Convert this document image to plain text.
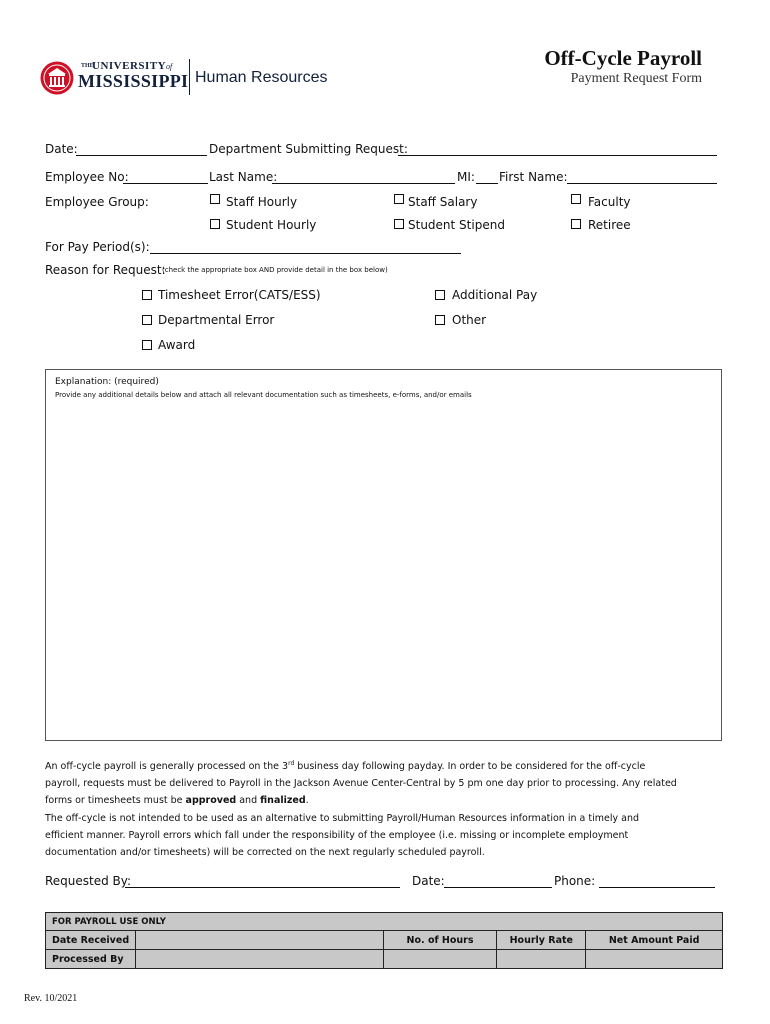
THE
UNIVERSITY of
MISSISSIPPI Human Resources
Off-Cycle Payroll
Payment Request Form
Date:	Department Submitting Request:
Employee No:	Last Name:	MI: First Name:
Employee Group:	Staff Hourly	Staff Salary	Faculty
Student Hourly	Student Stipend	Retiree
For Pay Period(s):
Reason for Request:
(check the appropriate box AND provide detail in the box below)
Timesheet Error(CATS/ESS)	Additional Pay
Departmental Error	Other
Award
Explanation: (required)
Provide any additional details below and attach all relevant documentation such as timesheets, e-forms, and/or emails
An off-cycle payroll is generally processed on the 3rd business day following payday. In order to be considered for the off-cycle
payroll, requests must be delivered to Payroll in the Jackson Avenue Center-Central by 5 pm one day prior to processing. Any related
forms or timesheets must be approved and finalized.
The off-cycle is not intended to be used as an alternative to submitting Payroll/Human Resources information in a timely and
efficient manner. Payroll errors which fall under the responsibility of the employee (i.e. missing or incomplete employment
documentation and/or timesheets) will be corrected on the next regularly scheduled payroll.
Requested By:	Date:	Phone:
FOR PAYROLL USE ONLY				
Date Received		No. of Hours	Hourly Rate	Net Amount Paid
Processed By				
Rev. 10/2021
